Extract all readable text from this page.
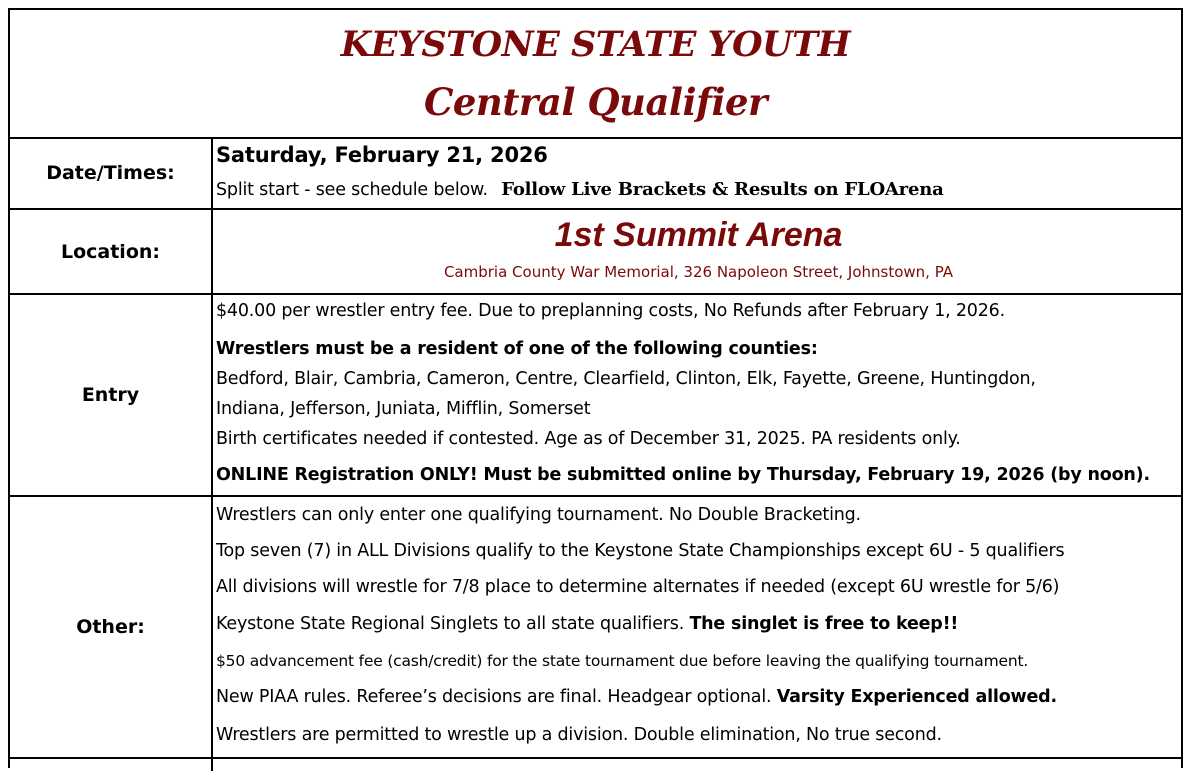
KEYSTONE STATE YOUTH
Central Qualifier
Date/Times:
Saturday, February 21, 2026
Split start - see schedule below. Follow Live Brackets & Results on FLOArena
Location:	1st Summit Arena
Cambria County War Memorial, 326 Napoleon Street, Johnstown, PA
Entry
$40.00 per wrestler entry fee. Due to preplanning costs, No Refunds after February 1, 2026.
Wrestlers must be a resident of one of the following counties:
Bedford, Blair, Cambria, Cameron, Centre, Clearfield, Clinton, Elk, Fayette, Greene, Huntingdon,
Indiana, Jefferson, Juniata, Mifflin, Somerset
Birth certificates needed if contested. Age as of December 31, 2025. PA residents only.
ONLINE Registration ONLY! Must be submitted online by Thursday, February 19, 2026 (by noon).
Other:
Wrestlers can only enter one qualifying tournament. No Double Bracketing.
Top seven (7) in ALL Divisions qualify to the Keystone State Championships except 6U - 5 qualifiers
All divisions will wrestle for 7/8 place to determine alternates if needed (except 6U wrestle for 5/6)
Keystone State Regional Singlets to all state qualifiers. The singlet is free to keep!!
$50 advancement fee (cash/credit) for the state tournament due before leaving the qualifying tournament.
New PIAA rules. Referee’s decisions are final. Headgear optional. Varsity Experienced allowed.
Wrestlers are permitted to wrestle up a division. Double elimination, No true second.
